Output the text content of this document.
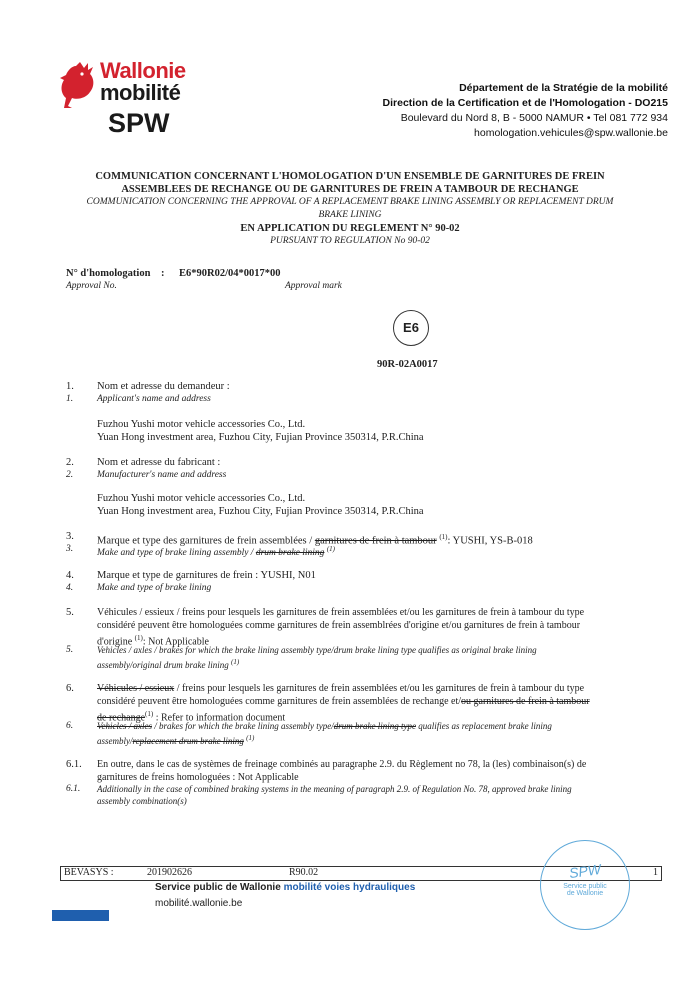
Wallonie
mobilité
SPW
Département de la Stratégie de la mobilité
Direction de la Certification et de l'Homologation - DO215
Boulevard du Nord 8, B - 5000 NAMUR • Tel 081 772 934
homologation.vehicules@spw.wallonie.be
COMMUNICATION CONCERNANT L'HOMOLOGATION D'UN ENSEMBLE DE GARNITURES DE FREIN
ASSEMBLEES DE RECHANGE OU DE GARNITURES DE FREIN A TAMBOUR DE RECHANGE
COMMUNICATION CONCERNING THE APPROVAL OF A REPLACEMENT BRAKE LINING ASSEMBLY OR REPLACEMENT DRUM
BRAKE LINING
EN APPLICATION DU REGLEMENT N° 90-02
PURSUANT TO REGULATION No 90-02
N° d'homologation : E6*90R02/04*0017*00
Approval No.	Approval mark
E6
90R-02A0017
1.	Nom et adresse du demandeur :
1.	Applicant's name and address
Fuzhou Yushi motor vehicle accessories Co., Ltd.
Yuan Hong investment area, Fuzhou City, Fujian Province 350314, P.R.China
2.	Nom et adresse du fabricant :
2.	Manufacturer's name and address
Fuzhou Yushi motor vehicle accessories Co., Ltd.
Yuan Hong investment area, Fuzhou City, Fujian Province 350314, P.R.China
3.	Marque et type des garnitures de frein assemblées / garnitures de frein à tambour $^{(1)}$: YUSHI, YS-B-018
3.	Make and type of brake lining assembly / drum brake lining $^{(1)}$
4.	Marque et type de garnitures de frein : YUSHI, N01
4.	Make and type of brake lining
5.	Véhicules / essieux / freins pour lesquels les garnitures de frein assemblées et/ou les garnitures de frein à tambour du type
considéré peuvent être homologuées comme garnitures de frein assemblrées d'origine et/ou garnitures de frein à tambour
d'origine $^{(1)}$: Not Applicable
5.	Vehicles / axles / brakes for which the brake lining assembly type/drum brake lining type qualifies as original brake lining
assembly/original drum brake lining $^{(1)}$
6.	Véhicules / essieux / freins pour lesquels les garnitures de frein assemblées et/ou les garnitures de frein à tambour du type
considéré peuvent être homologuées comme garnitures de frein assemblées de rechange et/ou garnitures de frein à tambour
de rechange$^{(1)}$ : Refer to information document
6.	Vehicles / axles / brakes for which the brake lining assembly type/drum brake lining type qualifies as replacement brake lining
assembly/replacement drum brake lining $^{(1)}$
6.1.	En outre, dans le cas de systèmes de freinage combinés au paragraphe 2.9. du Règlement no 78, la (les) combinaison(s) de
garnitures de freins homologuées : Not Applicable
6.1. Additionally in the case of combined braking systems in the meaning of paragraph 2.9. of Regulation No. 78, approved brake lining
assembly combination(s)
BEVASYS :	201902626	R90.02	1
Service public de Wallonie mobilité voies hydrauliques
mobilité.wallonie.be
SPW
Service public
de Wallonie
